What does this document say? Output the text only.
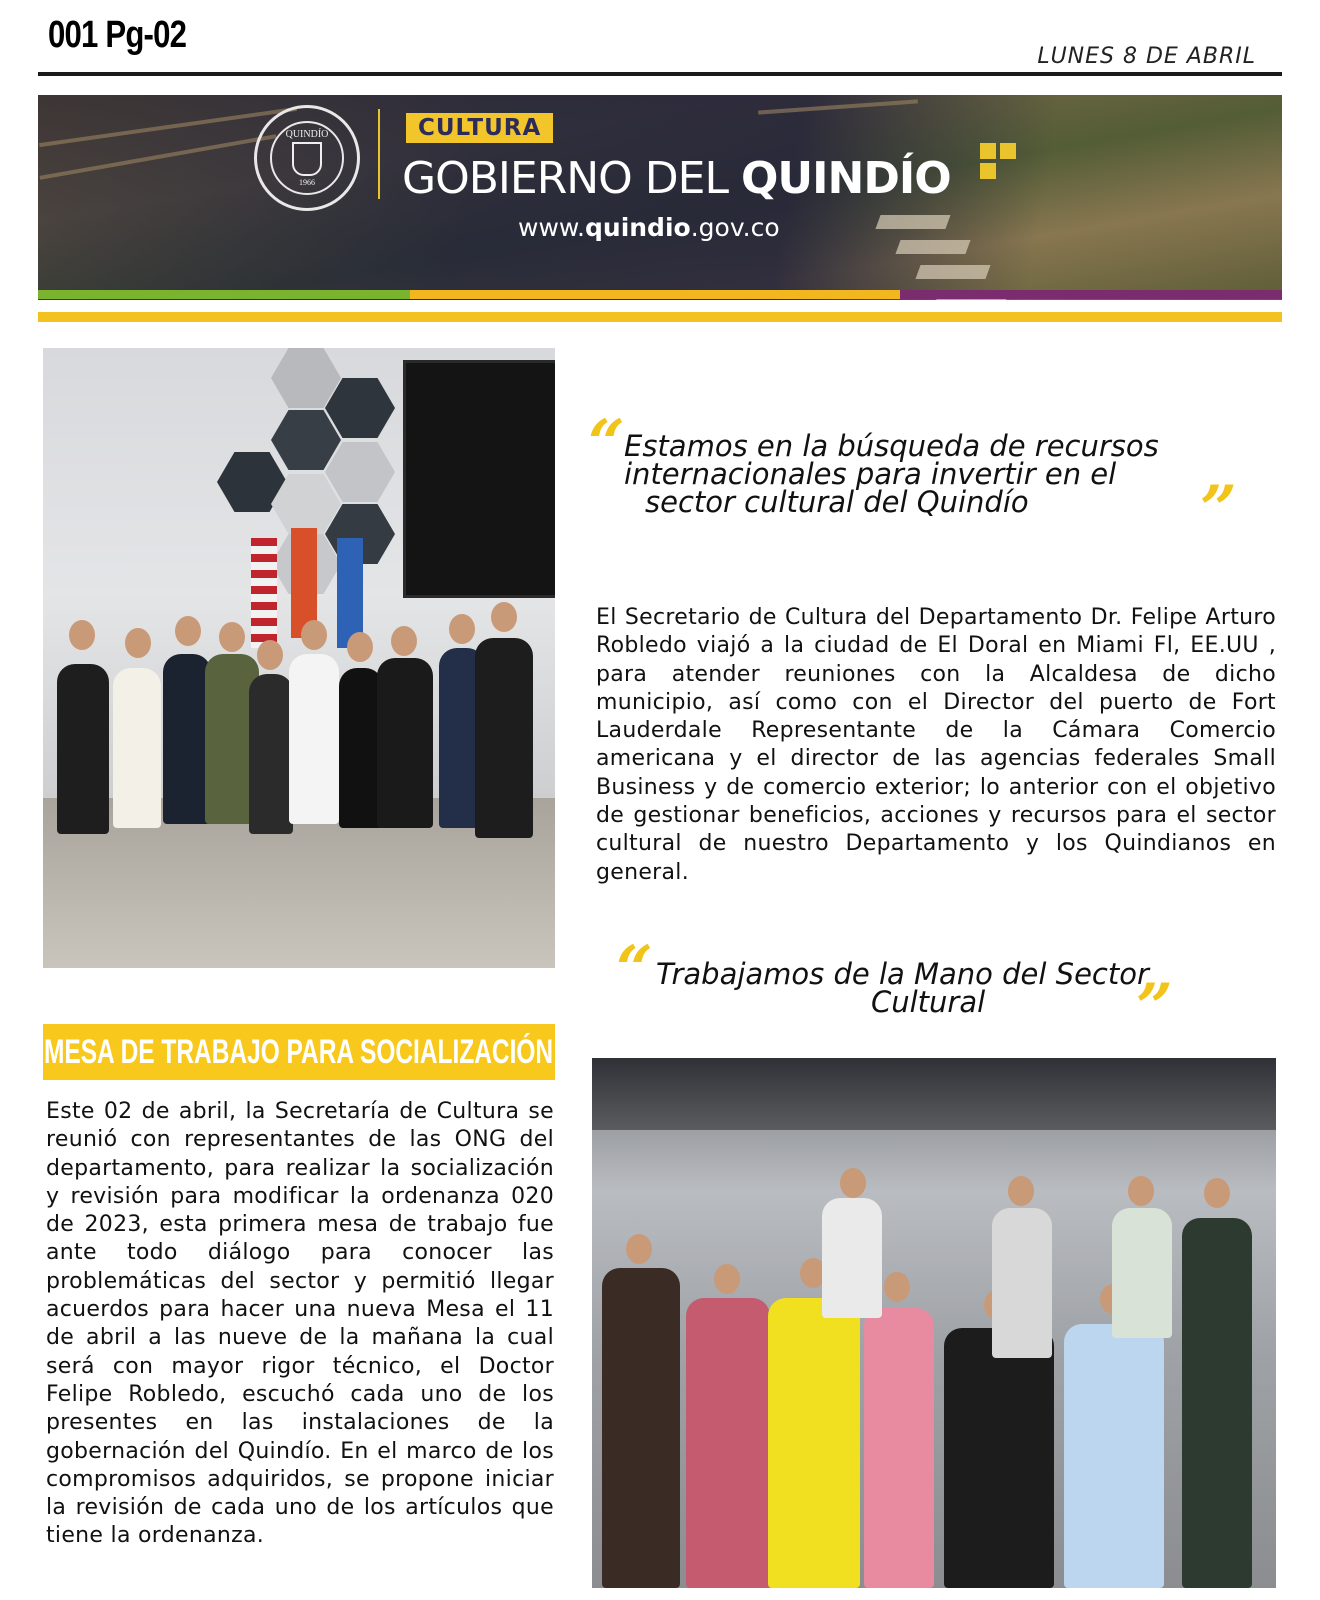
001 Pg-02
LUNES 8 DE ABRIL
QUINDÍO
1966
CULTURA
GOBIERNO DEL QUINDÍO
www.quindio.gov.co
“ Estamos en la búsqueda de recursos
internacionales para invertir en el
sector cultural del Quindío	”
El Secretario de Cultura del Departamento Dr. Felipe Arturo Robledo viajó a la ciudad de El Doral en Miami Fl, EE.UU , para atender reuniones con la Alcaldesa de dicho municipio, así como con el Director del puerto de Fort Lauderdale Representante de la Cámara Comercio americana y el director de las agencias federales Small Business y de comercio exterior; lo anterior con el objetivo de gestionar beneficios, acciones y recursos para el sector cultural de nuestro Departamento y los Quindianos en general.
“ Trabajamos de la Mano del Sector
Cultural ”
MESA DE TRABAJO PARA SOCIALIZACIÓN
Este 02 de abril, la Secretaría de Cultura se reunió con representantes de las ONG del departamento, para realizar la socialización y revisión para modificar la ordenanza 020 de 2023, esta primera mesa de trabajo fue ante todo diálogo para conocer las problemáticas del sector y permitió llegar acuerdos para hacer una nueva Mesa el 11 de abril a las nueve de la mañana la cual será con mayor rigor técnico, el Doctor Felipe Robledo, escuchó cada uno de los presentes en las instalaciones de la gobernación del Quindío. En el marco de los compromisos adquiridos, se propone iniciar la revisión de cada uno de los artículos que tiene la ordenanza.
